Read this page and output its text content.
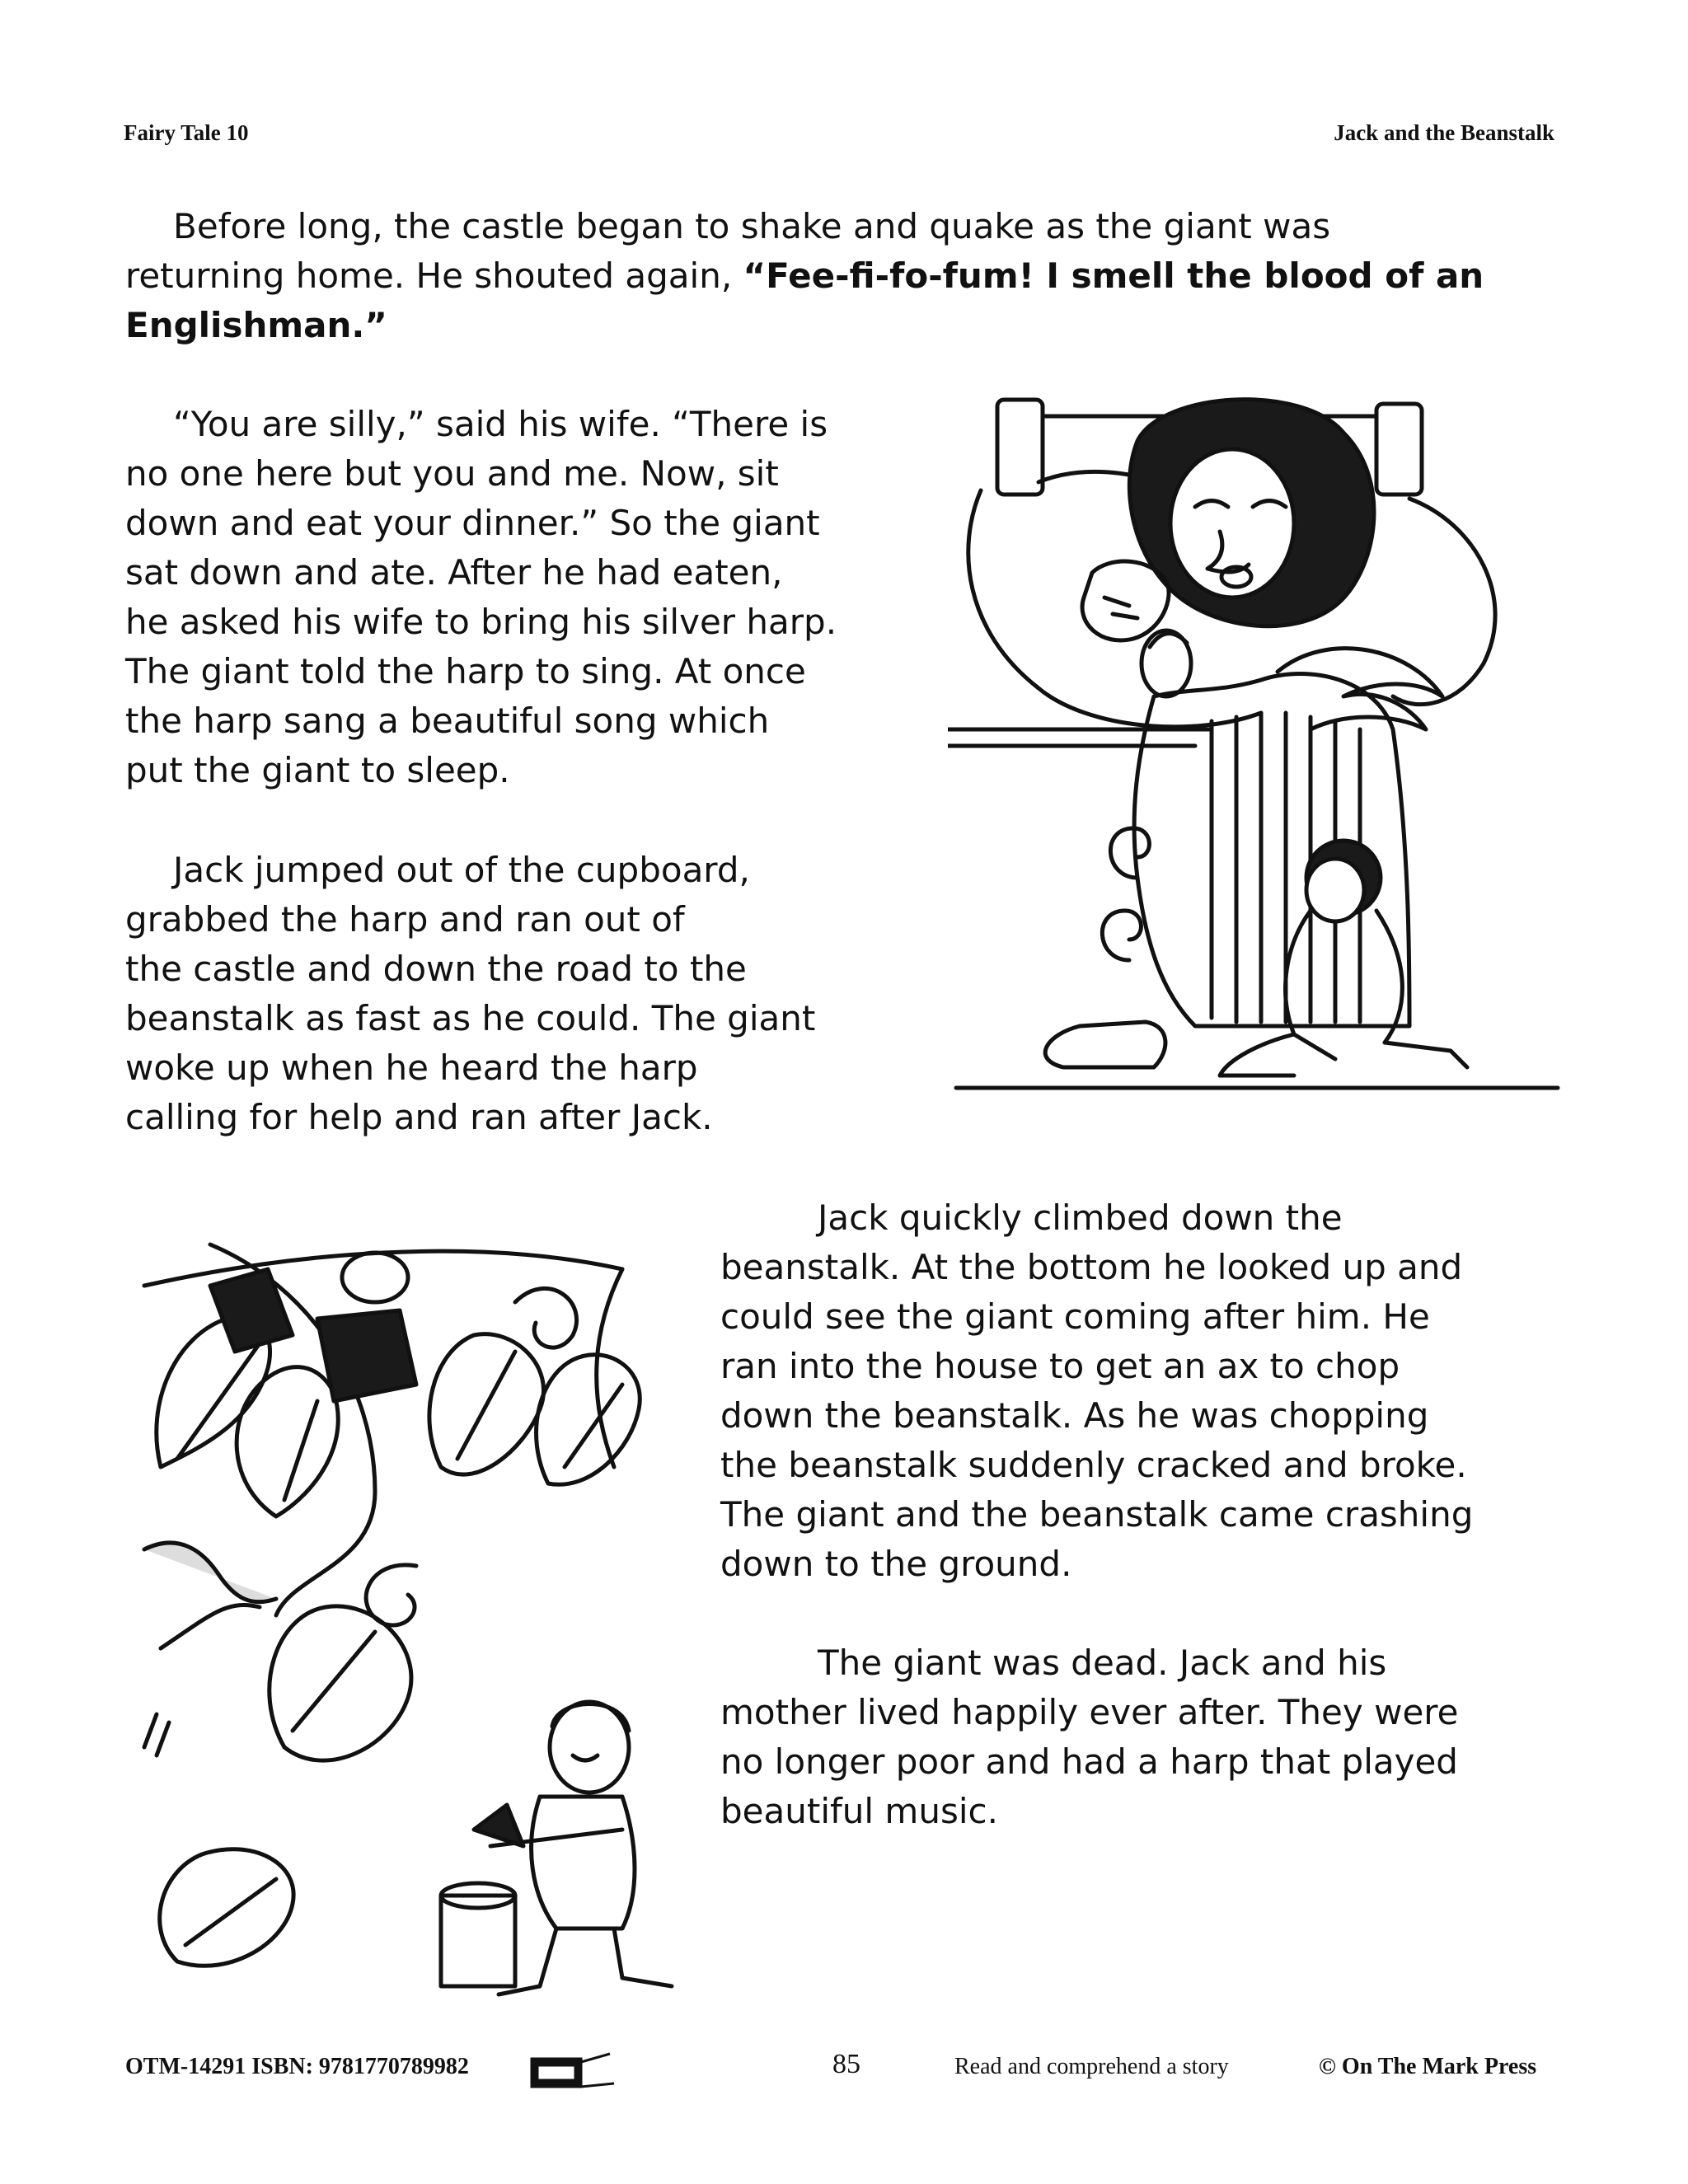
Fairy Tale 10	Jack and the Beanstalk

Before long, the castle began to shake and quake as the giant was returning home. He shouted again, “Fee-fi-fo-fum! I smell the blood of an Englishman.”

“You are silly,” said his wife. “There is
no one here but you and me. Now, sit
down and eat your dinner.” So the giant
sat down and ate. After he had eaten,
he asked his wife to bring his silver harp.
The giant told the harp to sing. At once
the harp sang a beautiful song which
put the giant to sleep.
Jack jumped out of the cupboard,
grabbed the harp and ran out of
the castle and down the road to the
beanstalk as fast as he could. The giant
woke up when he heard the harp
calling for help and ran after Jack.
Jack quickly climbed down the
beanstalk. At the bottom he looked up and
could see the giant coming after him. He
ran into the house to get an ax to chop
down the beanstalk. As he was chopping
the beanstalk suddenly cracked and broke.
The giant and the beanstalk came crashing
down to the ground.
The giant was dead. Jack and his
mother lived happily ever after. They were
no longer poor and had a harp that played
beautiful music.
OTM-14291 ISBN: 9781770789982	85	Read and comprehend a story	© On The Mark Press
